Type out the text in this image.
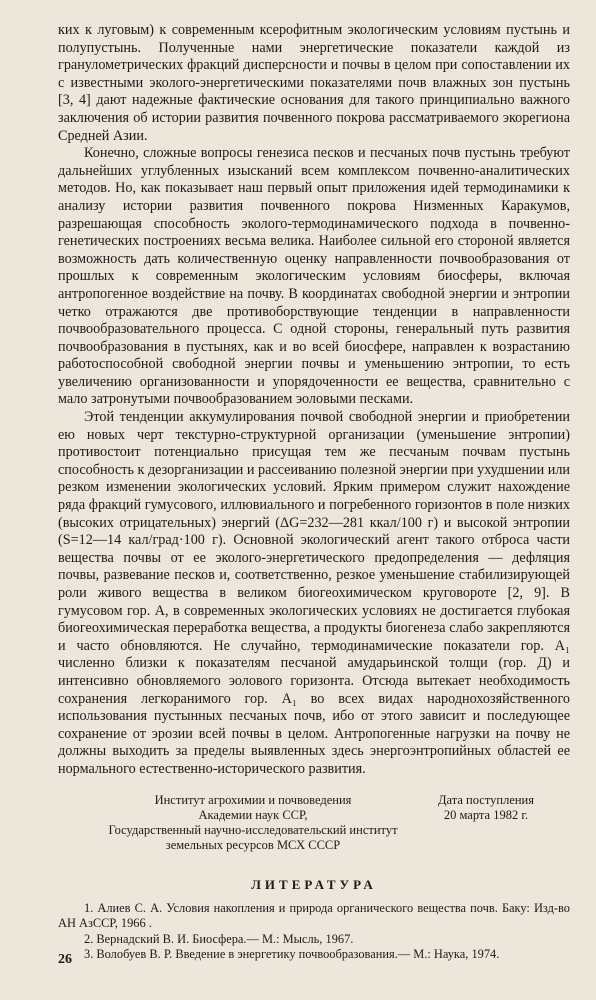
ких к луговым) к современным ксерофитным экологическим условиям пустынь и полупустынь. Полученные нами энергетические показатели каждой из гранулометрических фракций дисперсности и почвы в целом при сопоставлении их с известными эколого-энергетическими показателями почв влажных зон пустынь [3, 4] дают надежные фактические основания для такого принципиально важного заключения об истории развития почвенного покрова рассматриваемого экорегиона Средней Азии.

Конечно, сложные вопросы генезиса песков и песчаных почв пустынь требуют дальнейших углубленных изысканий всем комплексом почвенно-аналитических методов. Но, как показывает наш первый опыт приложения идей термодинамики к анализу истории развития почвенного покрова Низменных Каракумов, разрешающая способность эколого-термодинамического подхода в почвенно-генетических построениях весьма велика. Наиболее сильной его стороной является возможность дать количественную оценку направленности почвообразования от прошлых к современным экологическим условиям биосферы, включая антропогенное воздействие на почву. В координатах свободной энергии и энтропии четко отражаются две противоборствующие тенденции в направленности почвообразовательного процесса. С одной стороны, генеральный путь развития почвообразования в пустынях, как и во всей биосфере, направлен к возрастанию работоспособной свободной энергии почвы и уменьшению энтропии, то есть увеличению организованности и упорядоченности ее вещества, сравнительно с мало затронутыми почвообразованием эоловыми песками.

Этой тенденции аккумулирования почвой свободной энергии и приобретении ею новых черт текстурно-структурной организации (уменьшение энтропии) противостоит потенциально присущая тем же песчаным почвам пустынь способность к дезорганизации и рассеиванию полезной энергии при ухудшении или резком изменении экологических условий. Ярким примером служит нахождение ряда фракций гумусового, иллювиального и погребенного горизонтов в поле низких (высоких отрицательных) энергий (ΔG=232—281 ккал/100 г) и высокой энтропии (S=12—14 кал/град·100 г). Основной экологический агент такого отброса части вещества почвы от ее эколого-энергетического предопределения — дефляция почвы, развевание песков и, соответственно, резкое уменьшение стабилизирующей роли живого вещества в великом биогеохимическом круговороте [2, 9]. В гумусовом гор. A, в современных экологических условиях не достигается глубокая биогеохимическая переработка вещества, а продукты биогенеза слабо закрепляются и часто обновляются. Не случайно, термодинамические показатели гор. A₁ численно близки к показателям песчаной амударьинской толщи (гор. Д) и интенсивно обновляемого эолового горизонта. Отсюда вытекает необходимость сохранения легкоранимого гор. A₁ во всех видах народнохозяйственного использования пустынных песчаных почв, ибо от этого зависит и последующее сохранение от эрозии всей почвы в целом. Антропогенные нагрузки на почву не должны выходить за пределы выявленных здесь энергоэнтропийных областей ее нормального естественно-исторического развития.

Институт агрохимии и почвоведения
Академии наук ССР,
Государственный научно-исследовательский институт
земельных ресурсов МСХ СССР
Дата поступления
20 марта 1982 г.
ЛИТЕРАТУРА
1. Алиев С. А. Условия накопления и природа органического вещества почв. Баку: Изд-во АН АзССР, 1966 .
2. Вернадский В. И. Биосфера.— М.: Мысль, 1967.
3. Волобуев В. Р. Введение в энергетику почвообразования.— М.: Наука, 1974.
26
